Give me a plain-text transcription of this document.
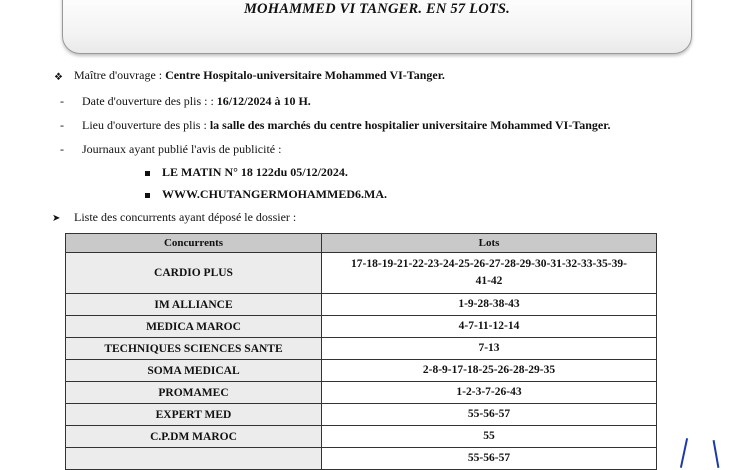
MOHAMMED VI TANGER. EN 57 LOTS.
❖ Maître d'ouvrage : Centre Hospitalo-universitaire Mohammed VI-Tanger.
- Date d'ouverture des plis : : 16/12/2024 à 10 H.
- Lieu d'ouverture des plis : la salle des marchés du centre hospitalier universitaire Mohammed VI-Tanger.
- Journaux ayant publié l'avis de publicité :
LE MATIN N° 18 122du 05/12/2024.
WWW.CHUTANGERMOHAMMED6.MA.
➤ Liste des concurrents ayant déposé le dossier :
Concurrents	Lots
CARDIO PLUS	17-18-19-21-22-23-24-25-26-27-28-29-30-31-32-33-35-39-
41-42

IM ALLIANCE	1-9-28-38-43
MEDICA MAROC	4-7-11-12-14
TECHNIQUES SCIENCES SANTE	7-13
SOMA MEDICAL	2-8-9-17-18-25-26-28-29-35
PROMAMEC	1-2-3-7-26-43
EXPERT MED	55-56-57
C.P.DM MAROC	55
	55-56-57
